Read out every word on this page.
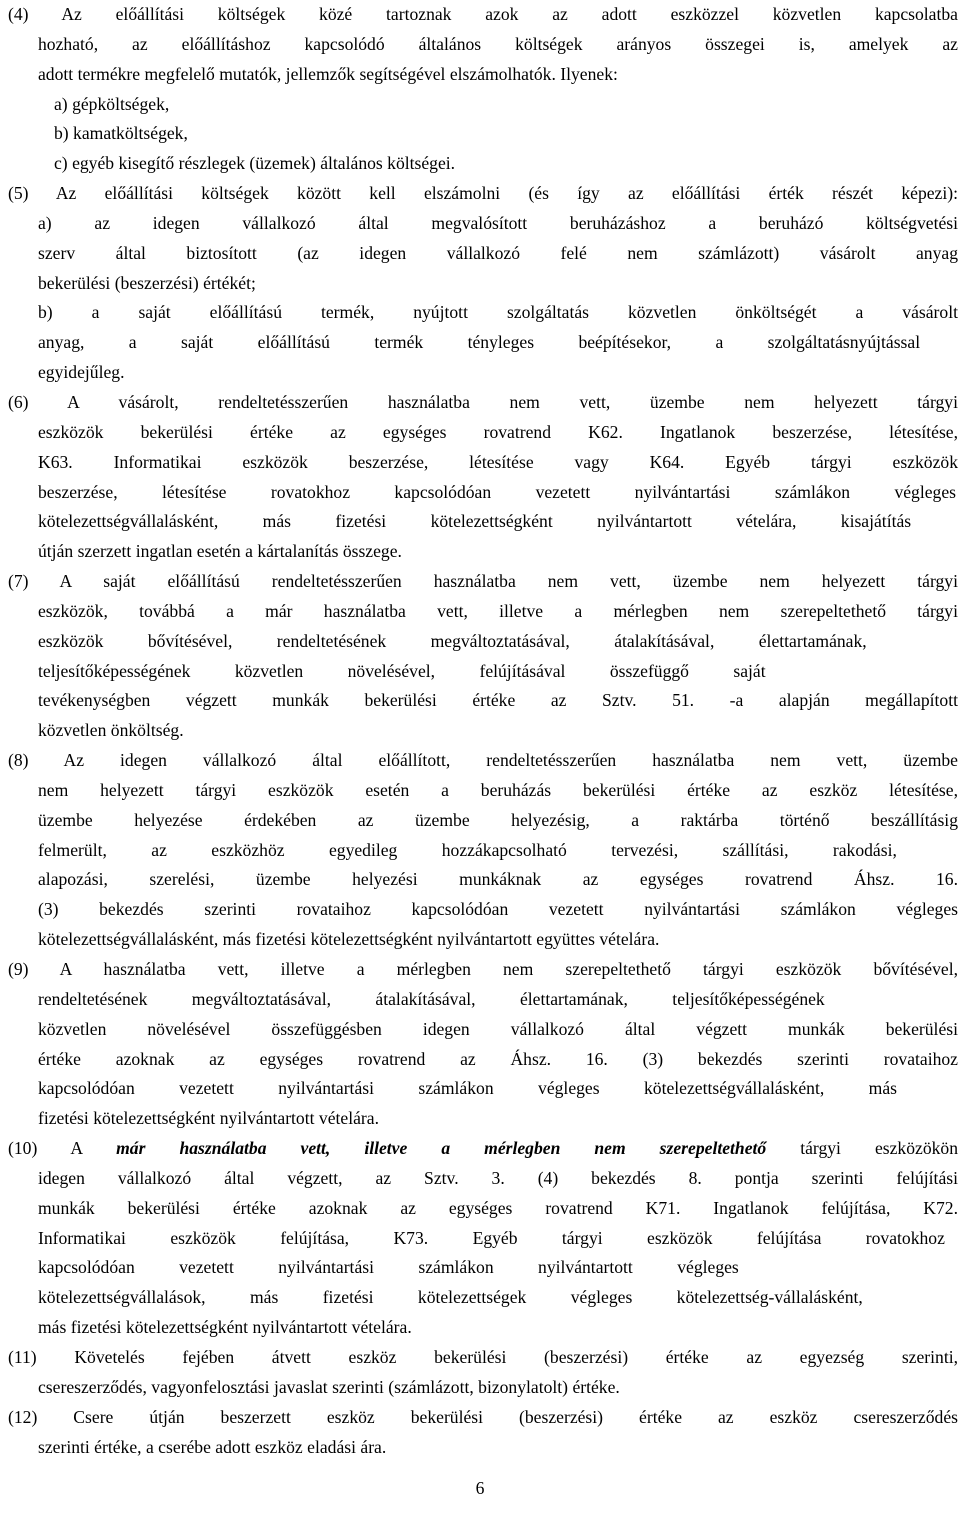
(4) Az előállítási költségek közé tartoznak azok az adott eszközzel közvetlen kapcsolatba
hozható, az előállításhoz kapcsolódó általános költségek arányos összegei is, amelyek az
adott termékre megfelelő mutatók, jellemzők segítségével elszámolhatók. Ilyenek:
a) gépköltségek,
b) kamatköltségek,
c) egyéb kisegítő részlegek (üzemek) általános költségei.
(5) Az előállítási költségek között kell elszámolni (és így az előállítási érték részét képezi):
a) az idegen vállalkozó által megvalósított beruházáshoz a beruházó költségvetési
szerv által biztosított (az idegen vállalkozó felé nem számlázott) vásárolt anyag
bekerülési (beszerzési) értékét;
b) a saját előállítású termék, nyújtott szolgáltatás közvetlen önköltségét a vásárolt
anyag, a saját előállítású termék tényleges beépítésekor, a szolgáltatásnyújtással
egyidejűleg.
(6) A vásárolt, rendeltetésszerűen használatba nem vett, üzembe nem helyezett tárgyi
eszközök bekerülési értéke az egységes rovatrend K62. Ingatlanok beszerzése, létesítése,
K63. Informatikai eszközök beszerzése, létesítése vagy K64. Egyéb tárgyi eszközök
beszerzése, létesítése rovatokhoz kapcsolódóan vezetett nyilvántartási számlákon végleges
kötelezettségvállalásként, más fizetési kötelezettségként nyilvántartott vételára, kisajátítás
útján szerzett ingatlan esetén a kártalanítás összege.
(7) A saját előállítású rendeltetésszerűen használatba nem vett, üzembe nem helyezett tárgyi
eszközök, továbbá a már használatba vett, illetve a mérlegben nem szerepeltethető tárgyi
eszközök bővítésével, rendeltetésének megváltoztatásával, átalakításával, élettartamának,
teljesítőképességének közvetlen növelésével, felújításával összefüggő saját
tevékenységben végzett munkák bekerülési értéke az Sztv. 51. -a alapján megállapított
közvetlen önköltség.
(8) Az idegen vállalkozó által előállított, rendeltetésszerűen használatba nem vett, üzembe
nem helyezett tárgyi eszközök esetén a beruházás bekerülési értéke az eszköz létesítése,
üzembe helyezése érdekében az üzembe helyezésig, a raktárba történő beszállításig
felmerült, az eszközhöz egyedileg hozzákapcsolható tervezési, szállítási, rakodási,
alapozási, szerelési, üzembe helyezési munkáknak az egységes rovatrend Áhsz. 16.
(3) bekezdés szerinti rovataihoz kapcsolódóan vezetett nyilvántartási számlákon végleges
kötelezettségvállalásként, más fizetési kötelezettségként nyilvántartott együttes vételára.
(9) A használatba vett, illetve a mérlegben nem szerepeltethető tárgyi eszközök bővítésével,
rendeltetésének megváltoztatásával, átalakításával, élettartamának, teljesítőképességének
közvetlen növelésével összefüggésben idegen vállalkozó által végzett munkák bekerülési
értéke azoknak az egységes rovatrend az Áhsz. 16. (3) bekezdés szerinti rovataihoz
kapcsolódóan vezetett nyilvántartási számlákon végleges kötelezettségvállalásként, más
fizetési kötelezettségként nyilvántartott vételára.
(10) A már használatba vett, illetve a mérlegben nem szerepeltethető tárgyi eszközökön
idegen vállalkozó által végzett, az Sztv. 3. (4) bekezdés 8. pontja szerinti felújítási
munkák bekerülési értéke azoknak az egységes rovatrend K71. Ingatlanok felújítása, K72.
Informatikai eszközök felújítása, K73. Egyéb tárgyi eszközök felújítása rovatokhoz
kapcsolódóan vezetett nyilvántartási számlákon nyilvántartott végleges
kötelezettségvállalások, más fizetési kötelezettségek végleges kötelezettség-vállalásként,
más fizetési kötelezettségként nyilvántartott vételára.
(11) Követelés fejében átvett eszköz bekerülési (beszerzési) értéke az egyezség szerinti,
csereszerződés, vagyonfelosztási javaslat szerinti (számlázott, bizonylatolt) értéke.
(12) Csere útján beszerzett eszköz bekerülési (beszerzési) értéke az eszköz csereszerződés
szerinti értéke, a cserébe adott eszköz eladási ára.
6
